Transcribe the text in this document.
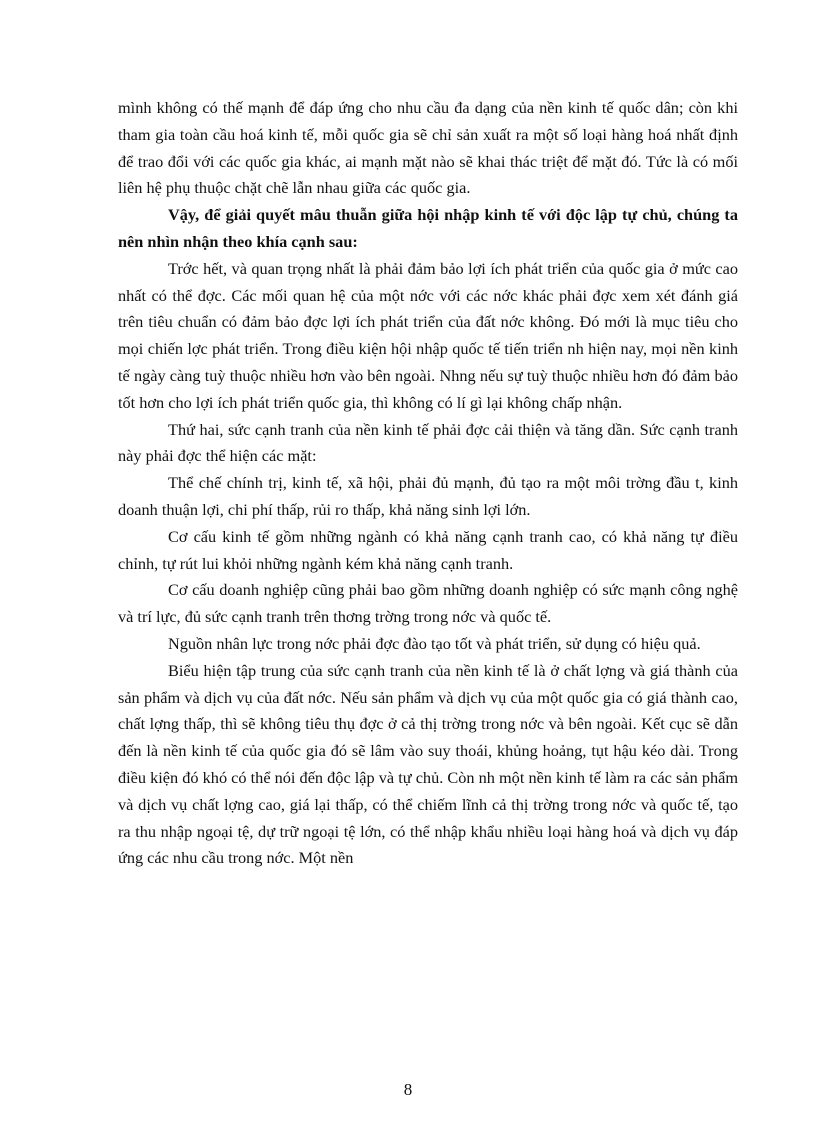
mình không có thế mạnh để đáp ứng cho nhu cầu đa dạng của nền kinh tế quốc dân; còn khi tham gia toàn cầu hoá kinh tế, mỗi quốc gia sẽ chỉ sản xuất ra một số loại hàng hoá nhất định để trao đổi với các quốc gia khác, ai mạnh mặt nào sẽ khai thác triệt để mặt đó. Tức là có mối liên hệ phụ thuộc chặt chẽ lẫn nhau giữa các quốc gia.

Vậy, để giải quyết mâu thuẫn giữa hội nhập kinh tế với độc lập tự chủ, chúng ta nên nhìn nhận theo khía cạnh sau:

Trớc hết, và quan trọng nhất là phải đảm bảo lợi ích phát triển của quốc gia ở mức cao nhất có thể đợc. Các mối quan hệ của một nớc với các nớc khác phải đợc xem xét đánh giá trên tiêu chuẩn có đảm bảo đợc lợi ích phát triển của đất nớc không. Đó mới là mục tiêu cho mọi chiến lợc phát triển. Trong điều kiện hội nhập quốc tế tiến triển nh hiện nay, mọi nền kinh tế ngày càng tuỳ thuộc nhiều hơn vào bên ngoài. Nhng nếu sự tuỳ thuộc nhiều hơn đó đảm bảo tốt hơn cho lợi ích phát triển quốc gia, thì không có lí gì lại không chấp nhận.

Thứ hai, sức cạnh tranh của nền kinh tế phải đợc cải thiện và tăng dần. Sức cạnh tranh này phải đợc thể hiện các mặt:

Thể chế chính trị, kinh tế, xã hội, phải đủ mạnh, đủ tạo ra một môi trờng đầu t, kinh doanh thuận lợi, chi phí thấp, rủi ro thấp, khả năng sinh lợi lớn.

Cơ cấu kinh tế gồm những ngành có khả năng cạnh tranh cao, có khả năng tự điều chỉnh, tự rút lui khỏi những ngành kém khả năng cạnh tranh.

Cơ cấu doanh nghiệp cũng phải bao gồm những doanh nghiệp có sức mạnh công nghệ và trí lực, đủ sức cạnh tranh trên thơng trờng trong nớc và quốc tế.

Nguồn nhân lực trong nớc phải đợc đào tạo tốt và phát triển, sử dụng có hiệu quả.

Biểu hiện tập trung của sức cạnh tranh của nền kinh tế là ở chất lợng và giá thành của sản phẩm và dịch vụ của đất nớc. Nếu sản phẩm và dịch vụ của một quốc gia có giá thành cao, chất lợng thấp, thì sẽ không tiêu thụ đợc ở cả thị trờng trong nớc và bên ngoài. Kết cục sẽ dẫn đến là nền kinh tế của quốc gia đó sẽ lâm vào suy thoái, khủng hoảng, tụt hậu kéo dài. Trong điều kiện đó khó có thể nói đến độc lập và tự chủ. Còn nh một nền kinh tế làm ra các sản phẩm và dịch vụ chất lợng cao, giá lại thấp, có thể chiếm lĩnh cả thị trờng trong nớc và quốc tế, tạo ra thu nhập ngoại tệ, dự trữ ngoại tệ lớn, có thể nhập khẩu nhiều loại hàng hoá và dịch vụ đáp ứng các nhu cầu trong nớc. Một nền

8
